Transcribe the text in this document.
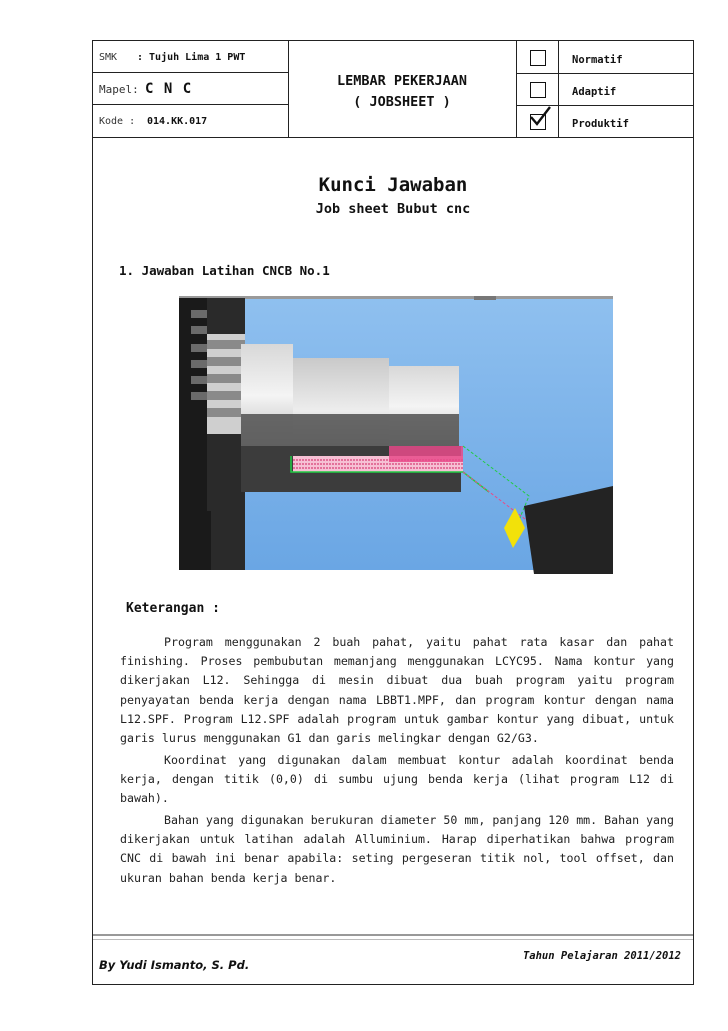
SMK : Tujuh Lima 1 PWT
Mapel: C N C
Kode : 014.KK.017
LEMBAR PEKERJAAN
( JOBSHEET )
Normatif
Adaptif
Produktif
Kunci Jawaban
Job sheet Bubut cnc
1. Jawaban Latihan CNCB No.1
.
Keterangan :
Program menggunakan 2 buah pahat, yaitu pahat rata kasar dan pahat finishing. Proses pembubutan memanjang menggunakan LCYC95. Nama kontur yang dikerjakan L12. Sehingga di mesin dibuat dua buah program yaitu program penyayatan benda kerja dengan nama LBBT1.MPF, dan program kontur dengan nama L12.SPF. Program L12.SPF adalah program untuk gambar kontur yang dibuat, untuk garis lurus menggunakan G1 dan garis melingkar dengan G2/G3.
Koordinat yang digunakan dalam membuat kontur adalah koordinat benda kerja, dengan titik (0,0) di sumbu ujung benda kerja (lihat program L12 di bawah).
Bahan yang digunakan berukuran diameter 50 mm, panjang 120 mm. Bahan yang dikerjakan untuk latihan adalah Alluminium. Harap diperhatikan bahwa program CNC di bawah ini benar apabila: seting pergeseran titik nol, tool offset, dan ukuran bahan benda kerja benar.
By Yudi Ismanto, S. Pd.
Tahun Pelajaran 2011/2012
